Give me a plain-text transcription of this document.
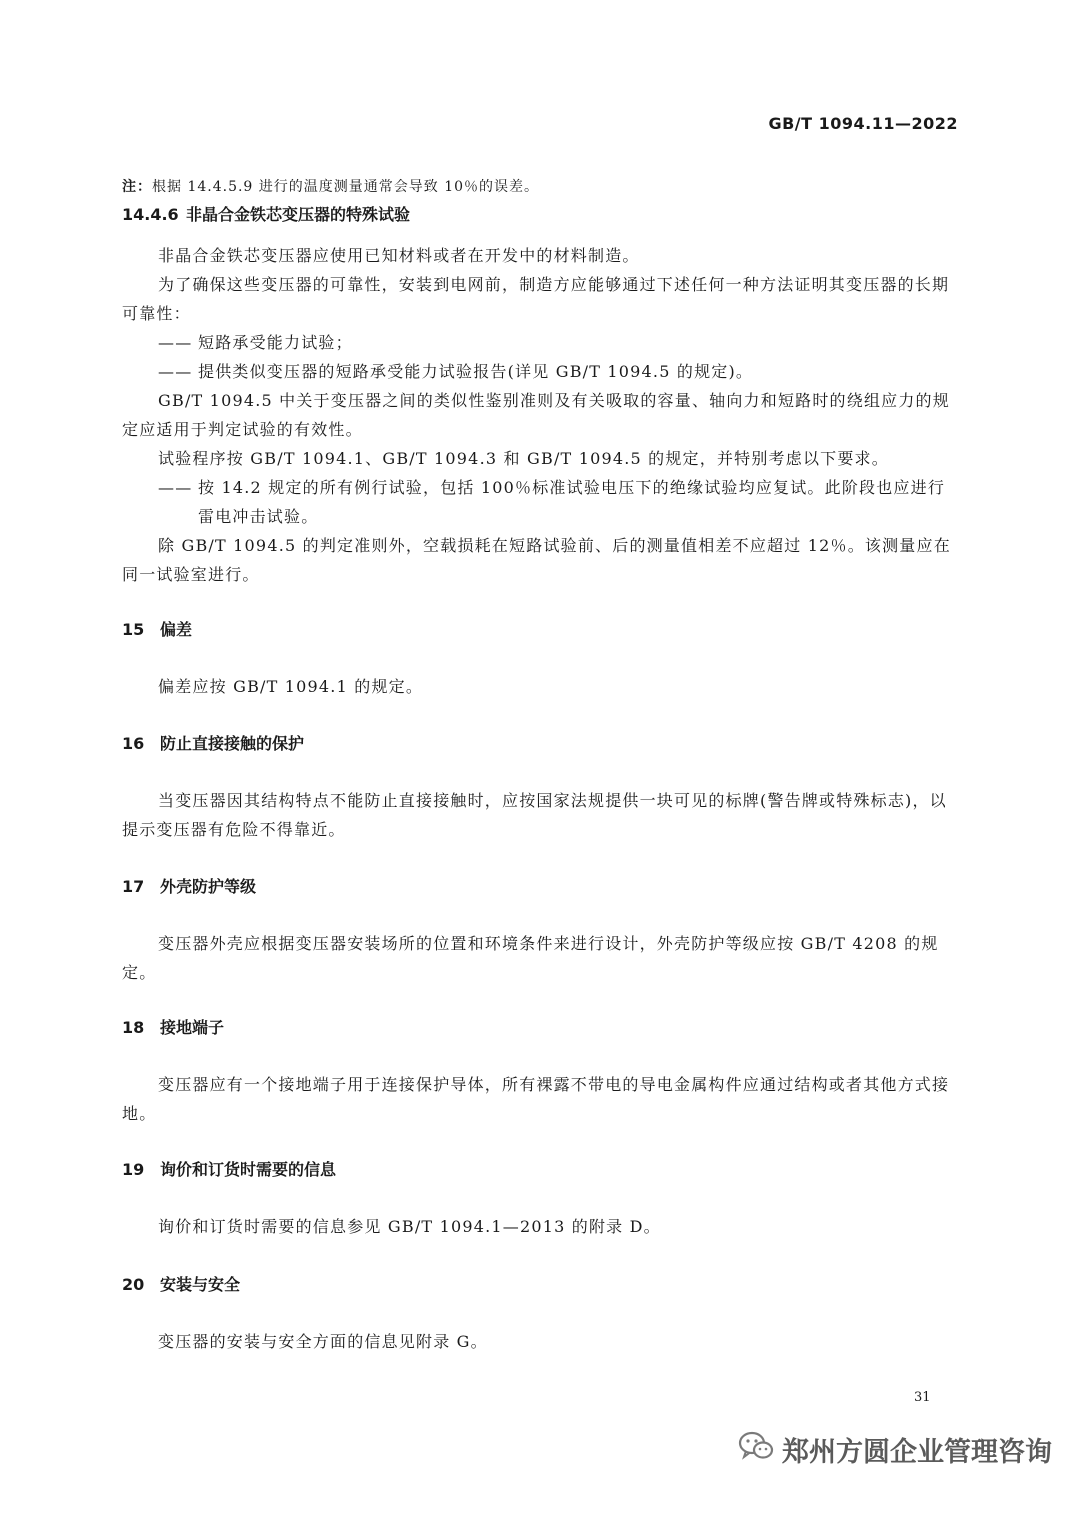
GB/T 1094.11—2022

注：根据 14.4.5.9 进行的温度测量通常会导致 10％的误差。

14.4.6 非晶合金铁芯变压器的特殊试验

非晶合金铁芯变压器应使用已知材料或者在开发中的材料制造。

为了确保这些变压器的可靠性，安装到电网前，制造方应能够通过下述任何一种方法证明其变压器的长期可靠性：

—— 短路承受能力试验；

—— 提供类似变压器的短路承受能力试验报告(详见 GB/T 1094.5 的规定)。

GB/T 1094.5 中关于变压器之间的类似性鉴别准则及有关吸取的容量、轴向力和短路时的绕组应力的规定应适用于判定试验的有效性。

试验程序按 GB/T 1094.1、GB/T 1094.3 和 GB/T 1094.5 的规定，并特别考虑以下要求。

—— 按 14.2 规定的所有例行试验，包括 100％标准试验电压下的绝缘试验均应复试。此阶段也应进行雷电冲击试验。

除 GB/T 1094.5 的判定准则外，空载损耗在短路试验前、后的测量值相差不应超过 12％。该测量应在同一试验室进行。

15 偏差

偏差应按 GB/T 1094.1 的规定。

16 防止直接接触的保护

当变压器因其结构特点不能防止直接接触时，应按国家法规提供一块可见的标牌(警告牌或特殊标志)，以提示变压器有危险不得靠近。

17 外壳防护等级

变压器外壳应根据变压器安装场所的位置和环境条件来进行设计，外壳防护等级应按 GB/T 4208 的规定。

18 接地端子

变压器应有一个接地端子用于连接保护导体，所有裸露不带电的导电金属构件应通过结构或者其他方式接地。

19 询价和订货时需要的信息

询价和订货时需要的信息参见 GB/T 1094.1—2013 的附录 D。

20 安装与安全

变压器的安装与安全方面的信息见附录 G。

31
郑州方圆企业管理咨询
